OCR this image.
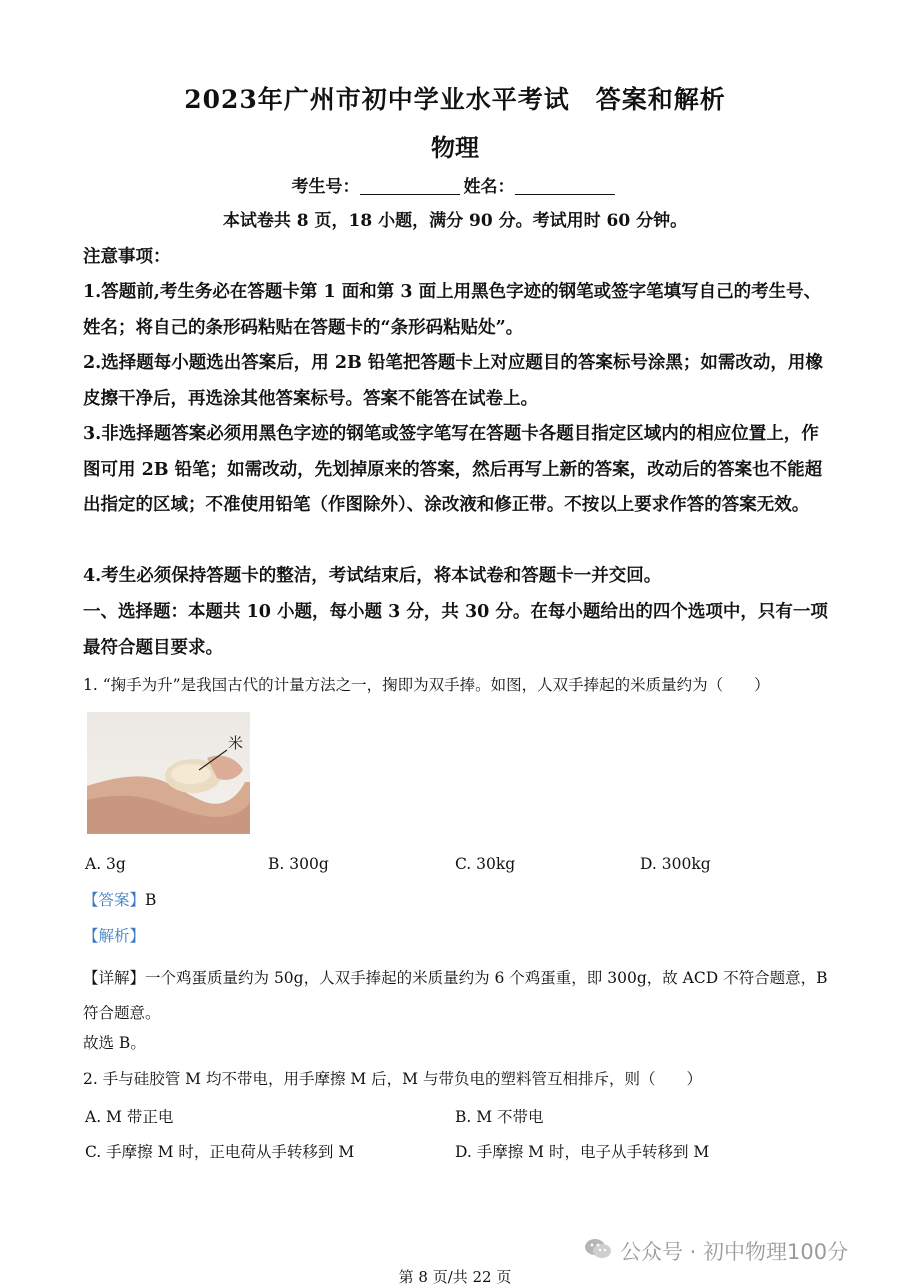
2023年广州市初中学业水平考试　答案和解析
物理
考生号：	姓名：
本试卷共 8 页，18 小题，满分 90 分。考试用时 60 分钟。
注意事项：
1.答题前,考生务必在答题卡第 1 面和第 3 面上用黑色字迹的钢笔或签字笔填写自己的考生号、姓名；将自己的条形码粘贴在答题卡的“条形码粘贴处”。
2.选择题每小题选出答案后，用 2B 铅笔把答题卡上对应题目的答案标号涂黑；如需改动，用橡皮擦干净后，再选涂其他答案标号。答案不能答在试卷上。
3.非选择题答案必须用黑色字迹的钢笔或签字笔写在答题卡各题目指定区域内的相应位置上，作图可用 2B 铅笔；如需改动，先划掉原来的答案，然后再写上新的答案，改动后的答案也不能超出指定的区域；不准使用铅笔（作图除外）、涂改液和修正带。不按以上要求作答的答案无效。
4.考生必须保持答题卡的整洁，考试结束后，将本试卷和答题卡一并交回。
一、选择题：本题共 10 小题，每小题 3 分，共 30 分。在每小题给出的四个选项中，只有一项最符合题目要求。
1. “掬手为升”是我国古代的计量方法之一，掬即为双手捧。如图，人双手捧起的米质量约为（　　）
米
A. 3g	B. 300g	C. 30kg	D. 300kg
【答案】B
【解析】
【详解】一个鸡蛋质量约为 50g，人双手捧起的米质量约为 6 个鸡蛋重，即 300g，故 ACD 不符合题意，B 符合题意。
故选 B。
2. 手与硅胶管 M 均不带电，用手摩擦 M 后，M 与带负电的塑料管互相排斥，则（　　）
A. M 带正电	B. M 不带电
C. 手摩擦 M 时，正电荷从手转移到 M	D. 手摩擦 M 时，电子从手转移到 M
公众号 · 初中物理100分
第 8 页/共 22 页
